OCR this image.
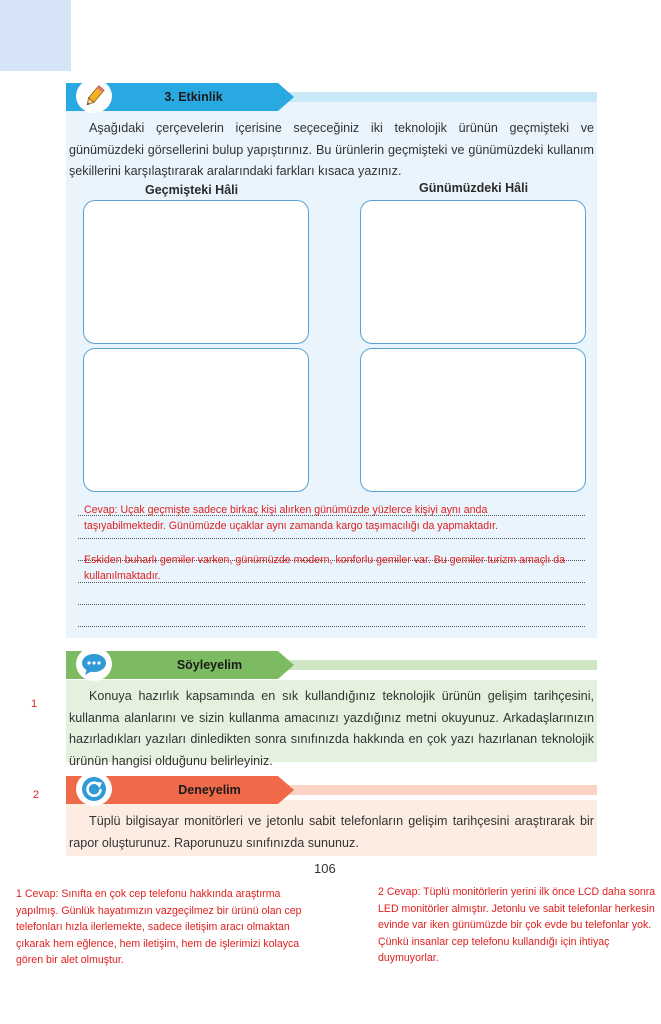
3. Etkinlik
Aşağıdaki çerçevelerin içerisine seçeceğiniz iki teknolojik ürünün geçmişteki ve günümüzdeki görsellerini bulup yapıştırınız. Bu ürünlerin geçmişteki ve günümüzdeki kullanım şekillerini karşılaştırarak aralarındaki farkları kısaca yazınız.
Geçmişteki Hâli	Günümüzdeki Hâli
Cevap: Uçak geçmişte sadece birkaç kişi alırken günümüzde yüzlerce kişiyi aynı anda taşıyabilmektedir. Günümüzde uçaklar aynı zamanda kargo taşımacılığı da yapmaktadır.
Eskiden buharlı gemiler varken, günümüzde modern, konforlu gemiler var. Bu gemiler turizm amaçlı da kullanılmaktadır.
Söyleyelim
Konuya hazırlık kapsamında en sık kullandığınız teknolojik ürünün gelişim tarihçesini, kullanma alanlarını ve sizin kullanma amacınızı yazdığınız metni okuyunuz. Arkadaşlarınızın hazırladıkları yazıları dinledikten sonra sınıfınızda hakkında en çok yazı hazırlanan teknolojik ürünün hangisi olduğunu belirleyiniz.
1
Deneyelim
Tüplü bilgisayar monitörleri ve jetonlu sabit telefonların gelişim tarihçesini araştırarak bir rapor oluşturunuz. Raporunuzu sınıfınızda sununuz.
2
106
1 Cevap: Sınıfta en çok cep telefonu hakkında araştırma yapılmış. Günlük hayatımızın vazgeçilmez bir ürünü olan cep telefonları hızla ilerlemekte, sadece iletişim aracı olmaktan çıkarak hem eğlence, hem iletişim, hem de işlerimizi kolayca gören bir alet olmuştur.
2 Cevap: Tüplü monitörlerin yerini ilk önce LCD daha sonra LED monitörler almıştır. Jetonlu ve sabit telefonlar herkesin evinde var iken günümüzde bir çok evde bu telefonlar yok. Çünkü insanlar cep telefonu kullandığı için ihtiyaç duymuyorlar.
